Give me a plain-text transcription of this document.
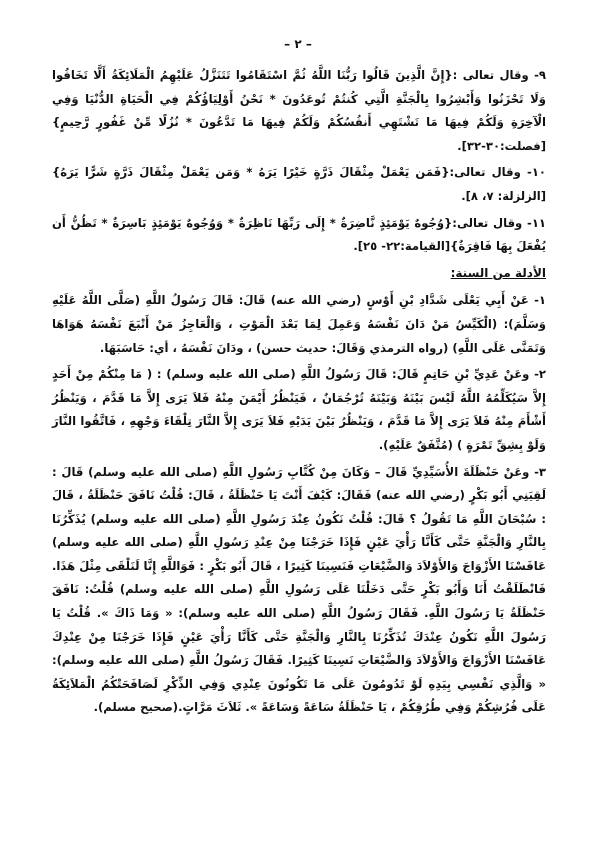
– ٢ –

٩- وقال تعالى :{إِنَّ الَّذِينَ قَالُوا رَبُّنَا اللَّهُ ثُمَّ اسْتَقَامُوا تَتَنَزَّلُ عَلَيْهِمُ الْمَلَائِكَةُ أَلَّا تَخَافُوا وَلَا تَحْزَنُوا وَأَبْشِرُوا بِالْجَنَّةِ الَّتِي كُنتُمْ تُوعَدُونَ * نَحْنُ أَوْلِيَاؤُكُمْ فِي الْحَيَاةِ الدُّنْيَا وَفِي الْآخِرَةِ وَلَكُمْ فِيهَا مَا تَشْتَهِي أَنفُسُكُمْ وَلَكُمْ فِيهَا مَا تَدَّعُونَ * نُزُلًا مِّنْ غَفُورٍ رَّحِيمٍ}[فصلت:٣٠-٣٢].

١٠- وقال تعالى:{فَمَن يَعْمَلْ مِثْقَالَ ذَرَّةٍ خَيْرًا يَرَهُ * وَمَن يَعْمَلْ مِثْقَالَ ذَرَّةٍ شَرًّا يَرَهُ}[الزلزلة: ٧، ٨].

١١- وقال تعالى:{وُجُوهٌ يَوْمَئِذٍ نَّاضِرَةٌ * إِلَى رَبِّهَا نَاظِرَةٌ * وَوُجُوهٌ يَوْمَئِذٍ بَاسِرَةٌ * تَظُنُّ أَن يُفْعَلَ بِهَا فَاقِرَةٌ}[القيامة:٢٢- ٢٥].

الأدلة من السنة:

١- عَنْ أَبِي يَعْلَى شَدَّادِ بْنِ أَوْسٍ (رضي الله عنه) قَالَ: قَالَ رَسُولُ اللَّهِ (صَلَّى اللَّهُ عَلَيْهِ وَسَلَّمَ): (الْكَيِّسُ مَنْ دَانَ نَفْسَهُ وَعَمِلَ لِمَا بَعْدَ الْمَوْتِ ، وَالْعَاجِزُ مَنْ أَتْبَعَ نَفْسَهُ هَوَاهَا وَتَمَنَّى عَلَى اللَّهِ) (رواه الترمذي وَقَالَ: حديث حسن) ، ودَانَ نَفْسَهُ ، أي: حَاسَبَهَا.

٢- وعَنْ عَدِيِّ بْنِ حَاتِمٍ قَالَ: قَالَ رَسُولُ اللَّهِ (صلى الله عليه وسلم) : ( مَا مِنْكُمْ مِنْ أَحَدٍ إِلاَّ سَيُكَلِّمُهُ اللَّهُ لَيْسَ بَيْنَهُ وَبَيْنَهُ تُرْجُمَانٌ ، فَيَنْظُرُ أَيْمَنَ مِنْهُ فَلاَ يَرَى إِلاَّ مَا قَدَّمَ ، وَيَنْظُرُ أَشْأَمَ مِنْهُ فَلاَ يَرَى إِلاَّ مَا قَدَّمَ ، وَيَنْظُرُ بَيْنَ يَدَيْهِ فَلاَ يَرَى إِلاَّ النَّارَ تِلْقَاءَ وَجْهِهِ ، فَاتَّقُوا النَّارَ وَلَوْ بِشِقِّ تَمْرَةٍ ) (مُتَّفَقٌ عَلَيْهِ).

٣- وعَنْ حَنْظَلَةَ الأُسَيِّدِيِّ قَالَ – وَكَانَ مِنْ كُتَّابِ رَسُولِ اللَّهِ (صلى الله عليه وسلم) قَالَ : لَقِيَنِي أَبُو بَكْرٍ (رضي الله عنه) فَقَالَ: كَيْفَ أَنْتَ يَا حَنْظَلَةُ ، قَالَ: قُلْتُ نَافَقَ حَنْظَلَةُ ، قَالَ : سُبْحَانَ اللَّهِ مَا تَقُولُ ؟ قَالَ: قُلْتُ نَكُونُ عِنْدَ رَسُولِ اللَّهِ (صلى الله عليه وسلم) يُذَكِّرُنَا بِالنَّارِ وَالْجَنَّةِ حَتَّى كَأَنَّا رَأْيَ عَيْنٍ فَإِذَا خَرَجْنَا مِنْ عِنْدِ رَسُولِ اللَّهِ (صلى الله عليه وسلم) عَافَسْنَا الأَزْوَاجَ وَالأَوْلاَدَ وَالضَّيْعَاتِ فَنَسِينَا كَثِيرًا ، قَالَ أَبُو بَكْرٍ : فَوَاللَّهِ إِنَّا لَنَلْقَى مِثْلَ هَذَا. فَانْطَلَقْتُ أَنَا وَأَبُو بَكْرٍ حَتَّى دَخَلْنَا عَلَى رَسُولِ اللَّهِ (صلى الله عليه وسلم) قُلْتُ: نَافَقَ حَنْظَلَةُ يَا رَسُولَ اللَّهِ. فَقَالَ رَسُولُ اللَّهِ (صلى الله عليه وسلم): « وَمَا ذَاكَ ». قُلْتُ يَا رَسُولَ اللَّهِ نَكُونُ عِنْدَكَ تُذَكِّرُنَا بِالنَّارِ وَالْجَنَّةِ حَتَّى كَأَنَّا رَأْيَ عَيْنٍ فَإِذَا خَرَجْنَا مِنْ عِنْدِكَ عَافَسْنَا الأَزْوَاجَ وَالأَوْلاَدَ وَالضَّيْعَاتِ نَسِينَا كَثِيرًا. فَقَالَ رَسُولُ اللَّهِ (صلى الله عليه وسلم): « وَالَّذِي نَفْسِي بِيَدِهِ لَوْ تَدُومُونَ عَلَى مَا تَكُونُونَ عِنْدِي وَفِي الذِّكْرِ لَصَافَحَتْكُمُ الْمَلاَئِكَةُ عَلَى فُرُشِكُمْ وَفِي طُرُقِكُمْ ، يَا حَنْظَلَةُ سَاعَةً وَسَاعَةً ». ثَلاَثَ مَرَّاتٍ.(صحيح مسلم).
